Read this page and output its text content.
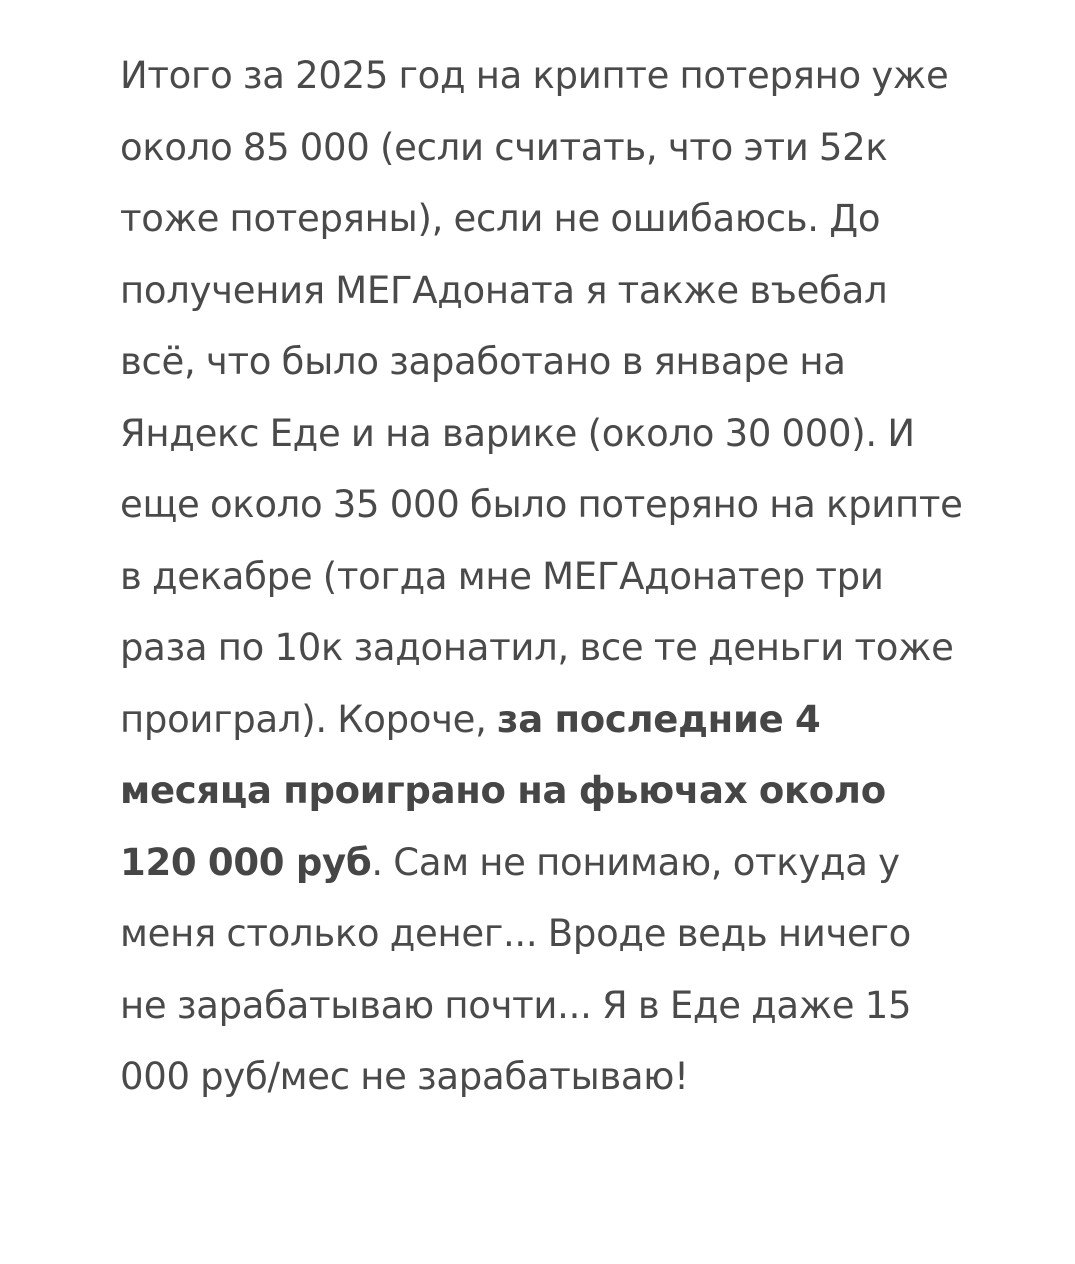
Итого за 2025 год на крипте потеряно уже около 85 000 (если считать, что эти 52к тоже потеряны), если не ошибаюсь. До получения МЕГАдоната я также въебал всё, что было заработано в январе на Яндекс Еде и на варике (около 30 000). И еще около 35 000 было потеряно на крипте в декабре (тогда мне МЕГАдонатер три раза по 10к задонатил, все те деньги тоже проиграл). Короче, за последние 4 месяца проиграно на фьючах около 120 000 руб. Сам не понимаю, откуда у меня столько денег... Вроде ведь ничего не зарабатываю почти... Я в Еде даже 15 000 руб/мес не зарабатываю!
